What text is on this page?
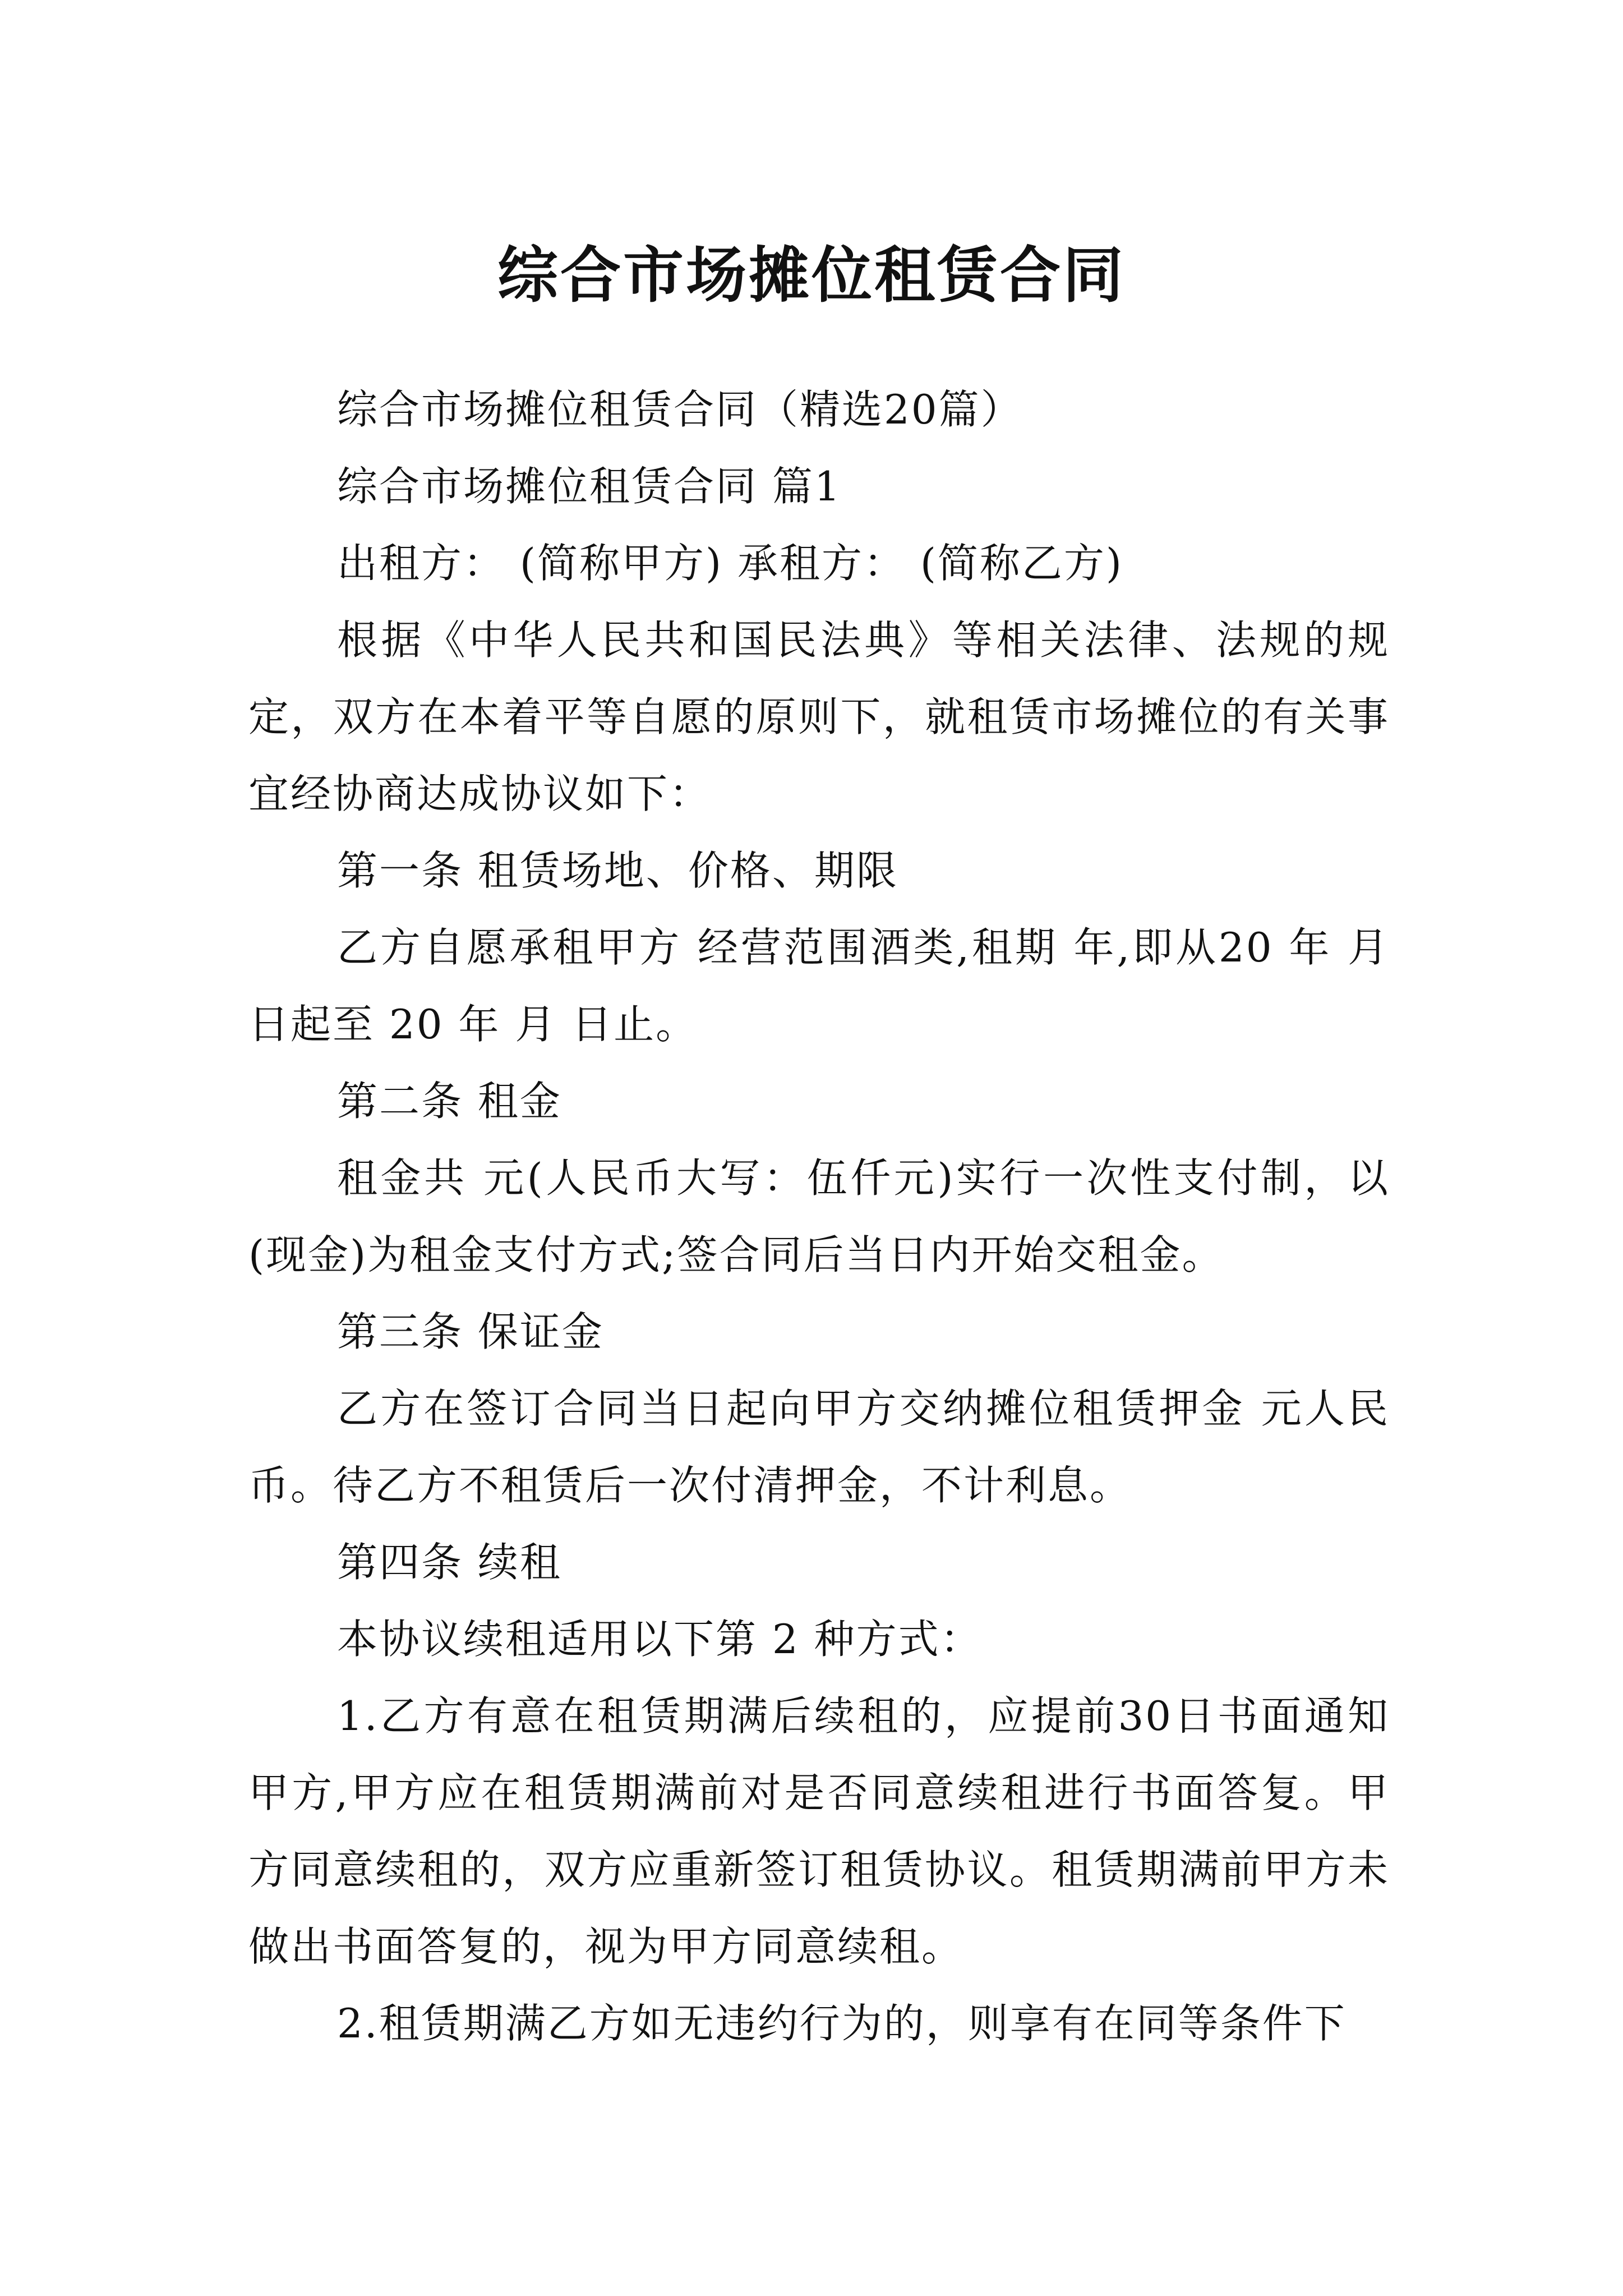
综合市场摊位租赁合同

综合市场摊位租赁合同（精选20篇）

综合市场摊位租赁合同 篇1

出租方： (简称甲方) 承租方： (简称乙方)

根据《中华人民共和国民法典》等相关法律、法规的规定，双方在本着平等自愿的原则下，就租赁市场摊位的有关事宜经协商达成协议如下：

第一条 租赁场地、价格、期限

乙方自愿承租甲方 经营范围酒类,租期 年,即从20 年 月 日起至 20 年 月 日止。

第二条 租金

租金共 元(人民币大写：伍仟元)实行一次性支付制，以(现金)为租金支付方式;签合同后当日内开始交租金。

第三条 保证金

乙方在签订合同当日起向甲方交纳摊位租赁押金 元人民币。待乙方不租赁后一次付清押金，不计利息。

第四条 续租

本协议续租适用以下第 2 种方式：

1.乙方有意在租赁期满后续租的，应提前30日书面通知甲方,甲方应在租赁期满前对是否同意续租进行书面答复。甲方同意续租的，双方应重新签订租赁协议。租赁期满前甲方未做出书面答复的，视为甲方同意续租。

2.租赁期满乙方如无违约行为的，则享有在同等条件下
